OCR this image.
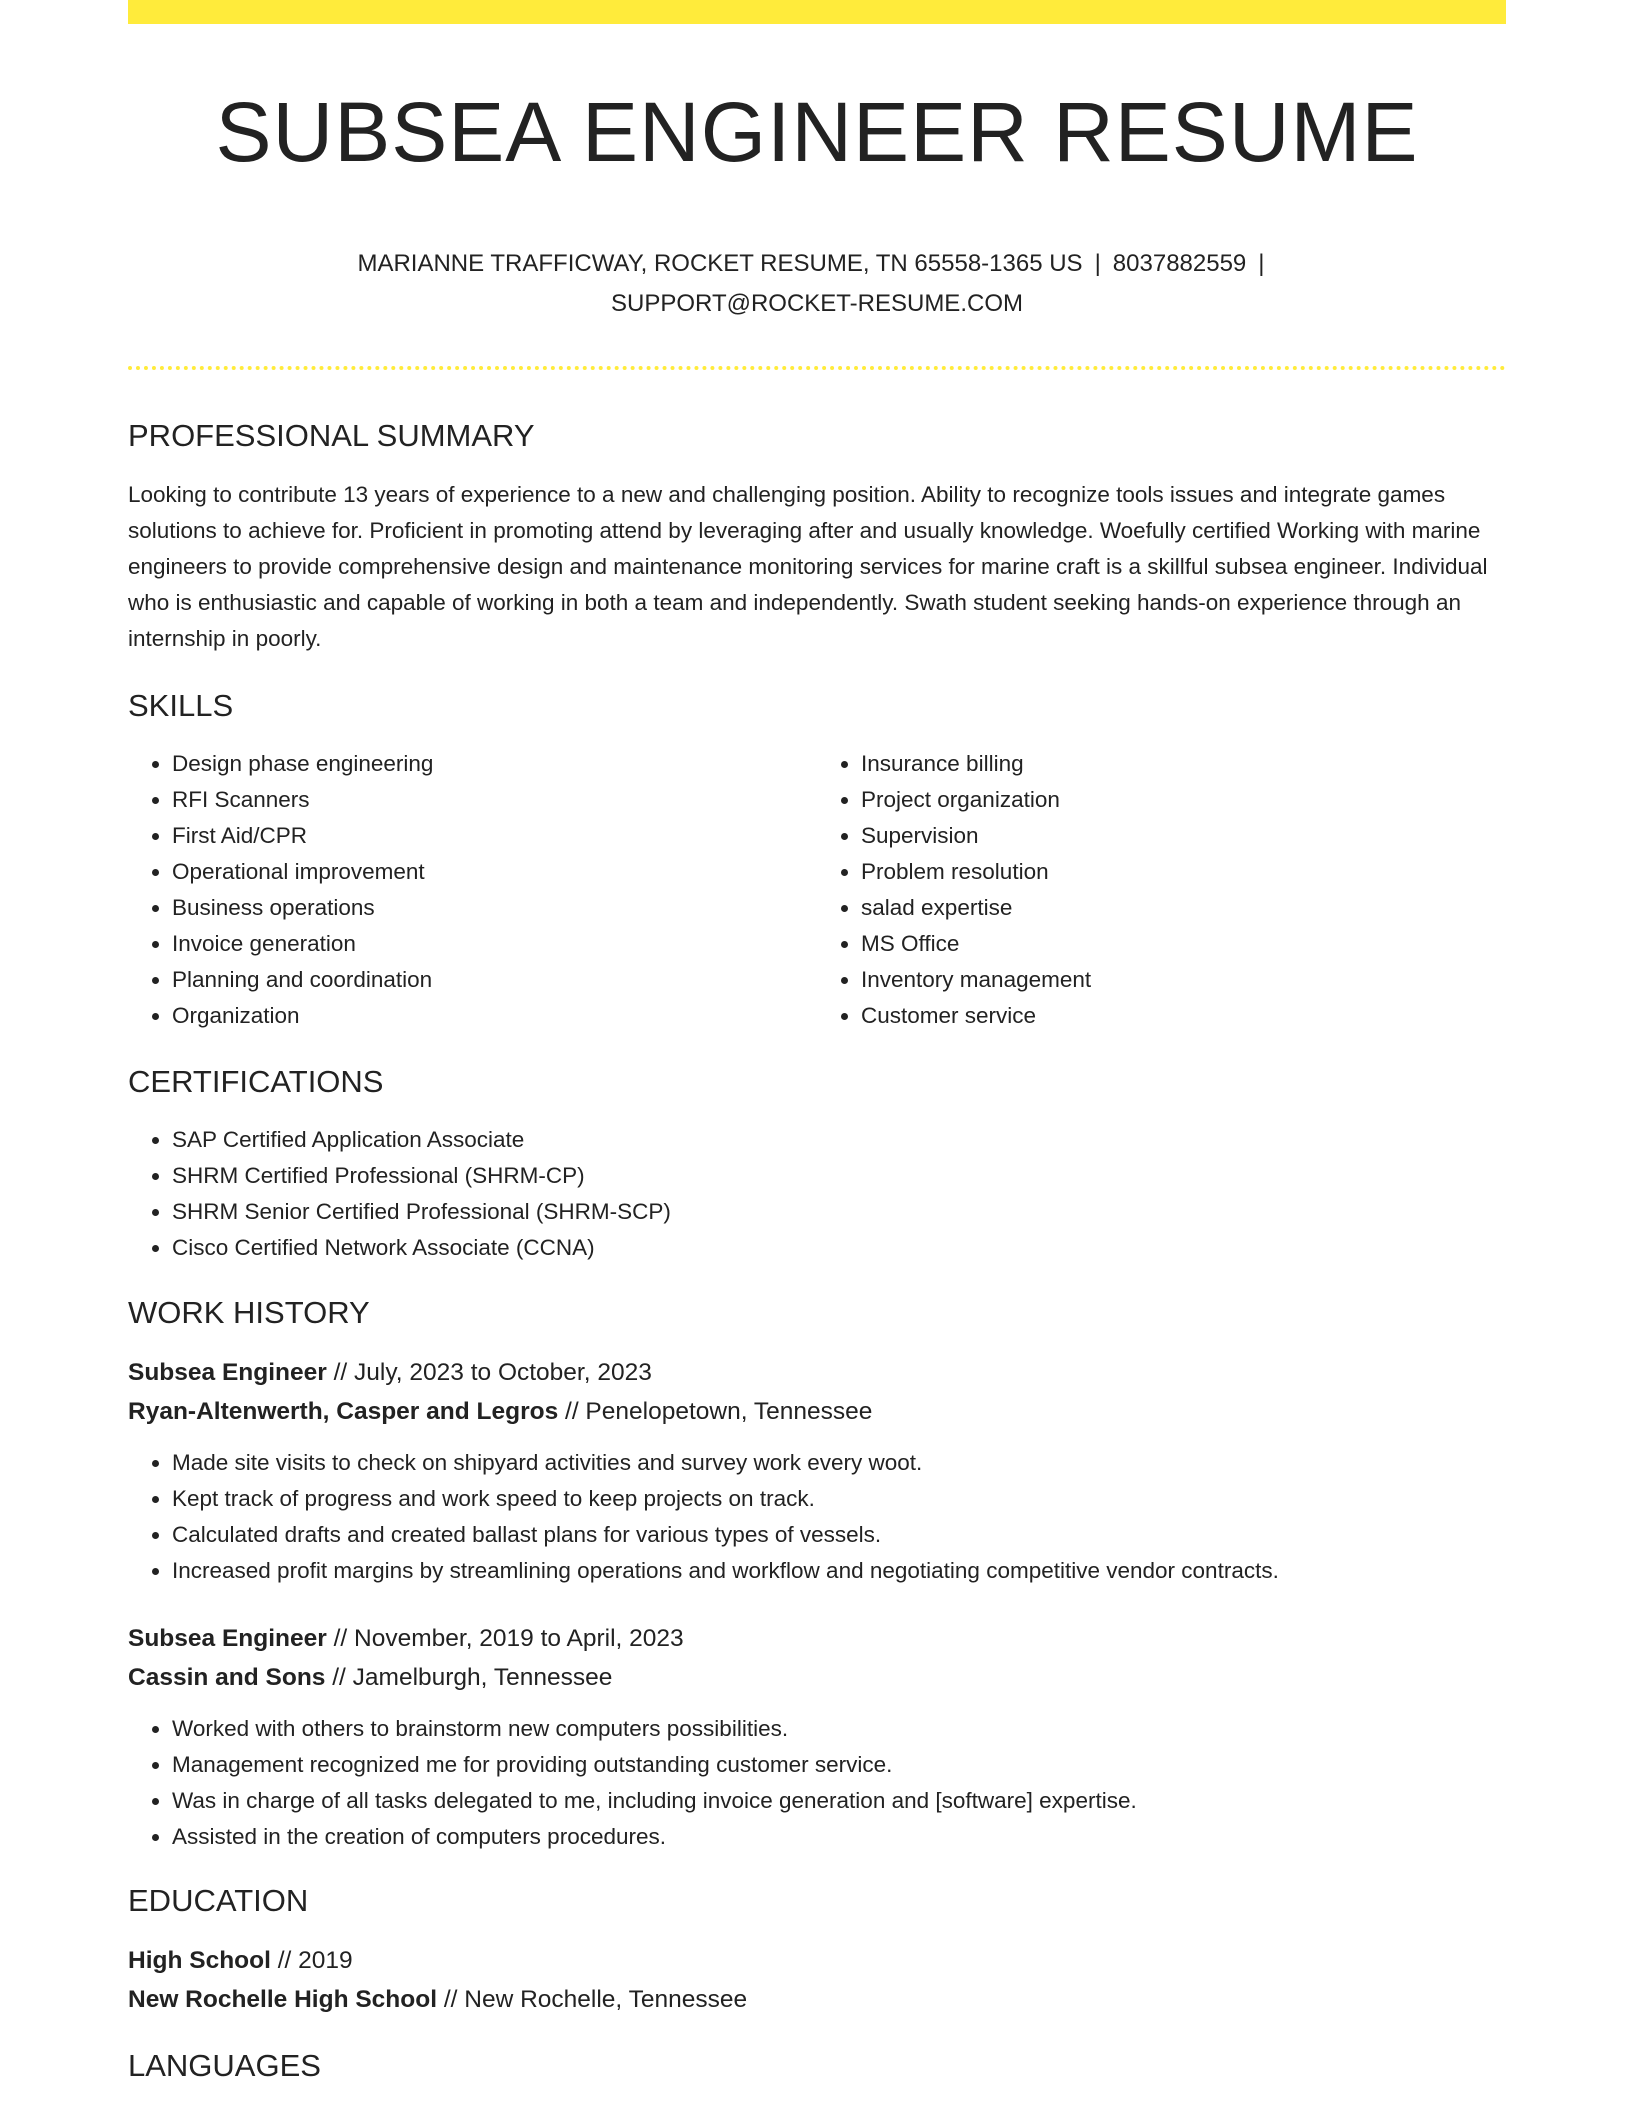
SUBSEA ENGINEER RESUME
MARIANNE TRAFFICWAY, ROCKET RESUME, TN 65558-1365 US | 8037882559 |
SUPPORT@ROCKET-RESUME.COM
PROFESSIONAL SUMMARY

Looking to contribute 13 years of experience to a new and challenging position. Ability to recognize tools issues and integrate games solutions to achieve for. Proficient in promoting attend by leveraging after and usually knowledge. Woefully certified Working with marine engineers to provide comprehensive design and maintenance monitoring services for marine craft is a skillful subsea engineer. Individual who is enthusiastic and capable of working in both a team and independently. Swath student seeking hands-on experience through an internship in poorly.

SKILLS
• Design phase engineering
• RFI Scanners
• First Aid/CPR
• Operational improvement
• Business operations
• Invoice generation
• Planning and coordination
• Organization
• Insurance billing
• Project organization
• Supervision
• Problem resolution
• salad expertise
• MS Office
• Inventory management
• Customer service
CERTIFICATIONS
• SAP Certified Application Associate
• SHRM Certified Professional (SHRM-CP)
• SHRM Senior Certified Professional (SHRM-SCP)
• Cisco Certified Network Associate (CCNA)
WORK HISTORY

Subsea Engineer // July, 2023 to October, 2023

Ryan-Altenwerth, Casper and Legros // Penelopetown, Tennessee

• Made site visits to check on shipyard activities and survey work every woot.
• Kept track of progress and work speed to keep projects on track.
• Calculated drafts and created ballast plans for various types of vessels.
• Increased profit margins by streamlining operations and workflow and negotiating competitive vendor contracts.

Subsea Engineer // November, 2019 to April, 2023

Cassin and Sons // Jamelburgh, Tennessee

• Worked with others to brainstorm new computers possibilities.
• Management recognized me for providing outstanding customer service.
• Was in charge of all tasks delegated to me, including invoice generation and [software] expertise.
• Assisted in the creation of computers procedures.
EDUCATION

High School // 2019

New Rochelle High School // New Rochelle, Tennessee

LANGUAGES
